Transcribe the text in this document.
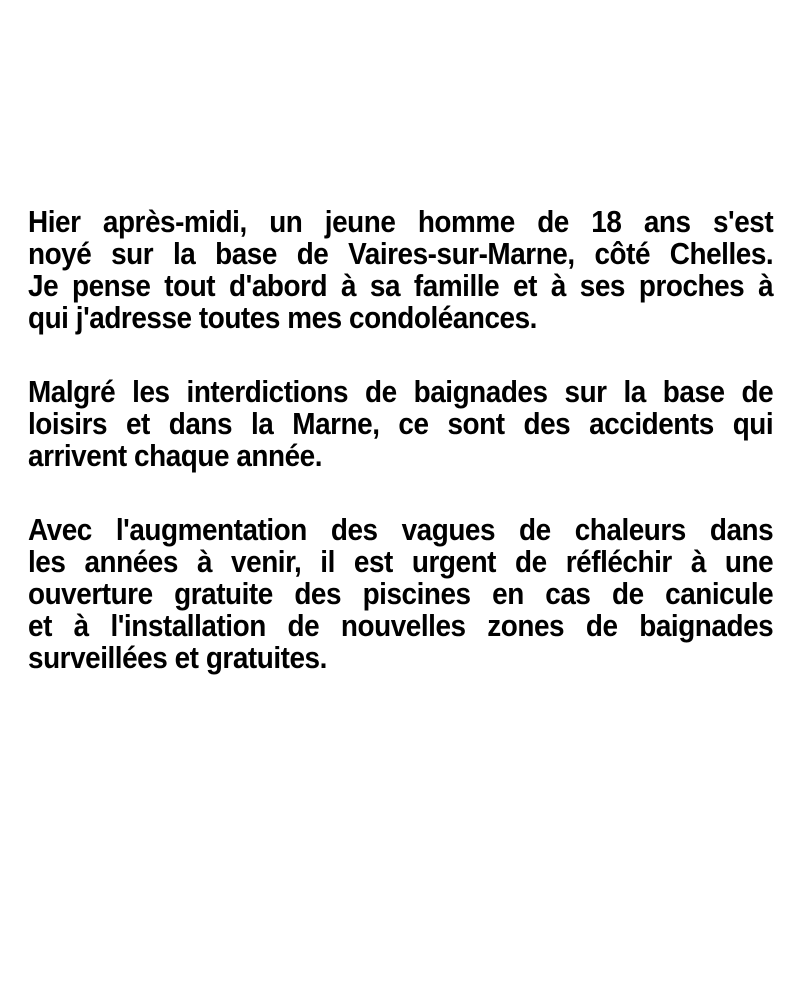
Hier après-midi, un jeune homme de 18 ans s'est
noyé sur la base de Vaires-sur-Marne, côté Chelles.
Je pense tout d'abord à sa famille et à ses proches à
qui j'adresse toutes mes condoléances.
Malgré les interdictions de baignades sur la base de
loisirs et dans la Marne, ce sont des accidents qui
arrivent chaque année.
Avec l'augmentation des vagues de chaleurs dans
les années à venir, il est urgent de réfléchir à une
ouverture gratuite des piscines en cas de canicule
et à l'installation de nouvelles zones de baignades
surveillées et gratuites.
